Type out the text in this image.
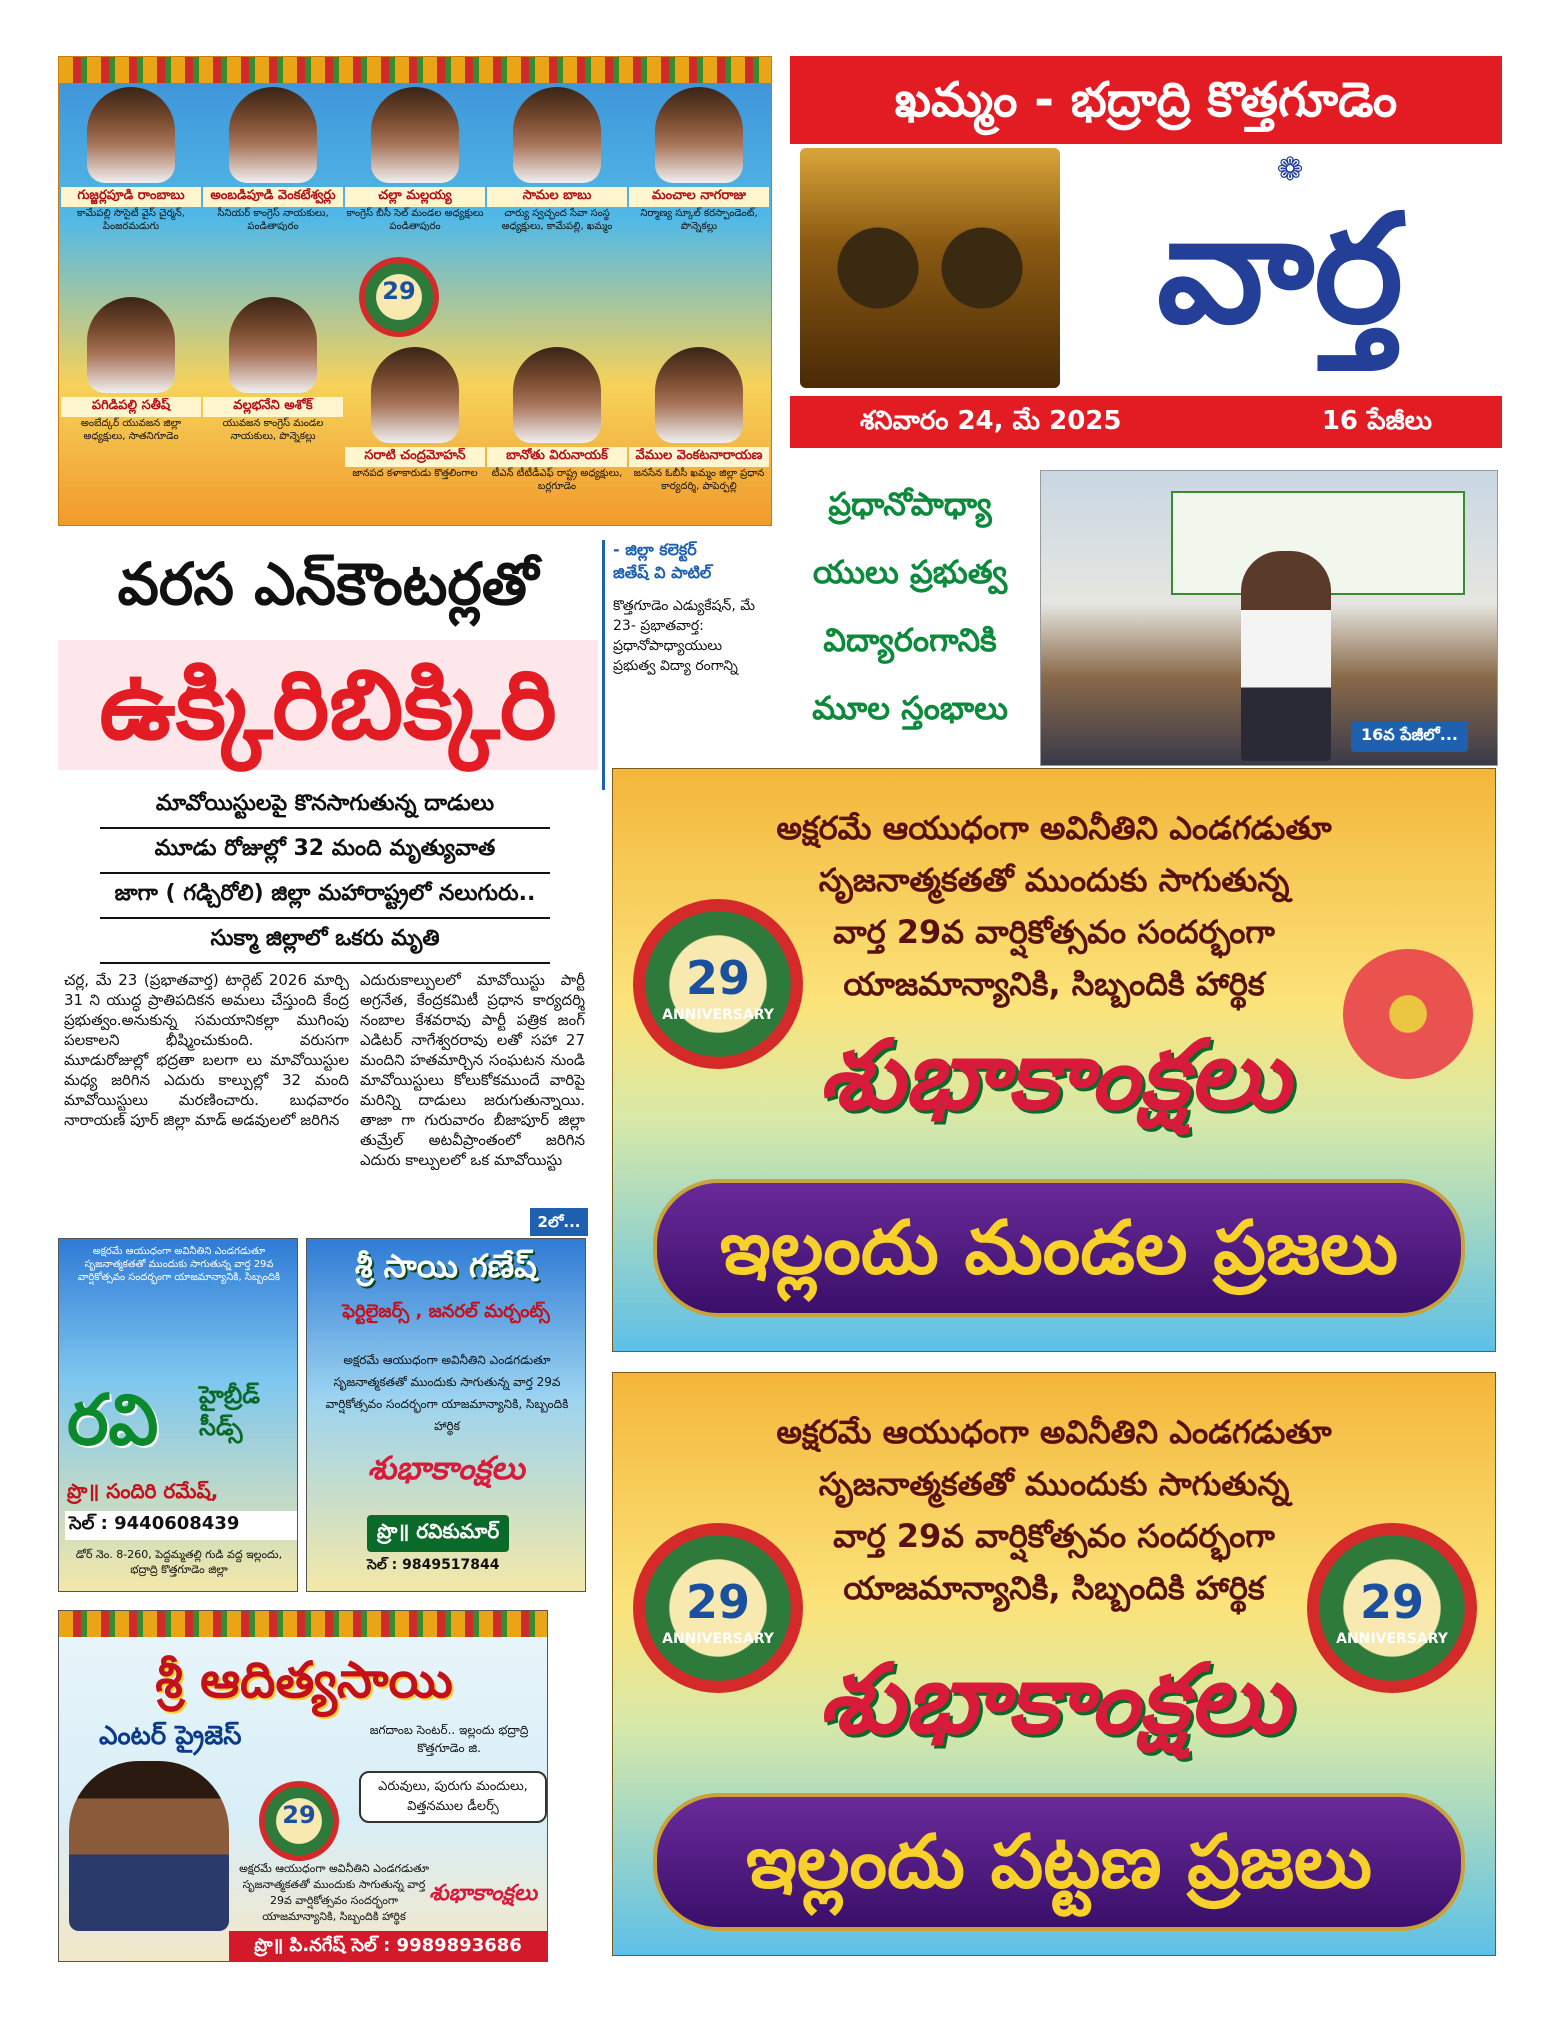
గుజ్జర్లపూడి రాంబాబు
కామేపల్లి సొసైటీ వైస్ చైర్మన్, పింజరమడుగు
అంబడిపూడి వెంకటేశ్వర్లు
సీనియర్ కాంగ్రెస్ నాయకులు, పండితాపురం
చల్లా మల్లయ్య
కాంగ్రెస్ బీసీ సెల్ మండల అధ్యక్షులు పండితాపురం
సామల బాబు
చార్యు స్వచ్ఛంద సేవా సంస్థ అధ్యక్షులు, కామేపల్లి, ఖమ్మం
మంచాల నాగరాజు
నిర్మాణ్య స్కూల్ కరస్పాండెంట్, పొన్నెకల్లు
29
పగిడిపల్లి సతీష్
అంబేద్కర్ యువజన జిల్లా అధ్యక్షులు, సాతనిగూడెం
వల్లభనేని అశోక్
యువజన కాంగ్రెస్ మండల నాయకులు, పొన్నెకల్లు
సరాటి చంద్రమోహన్
జానపద కళాకారుడు కొత్తలింగాల
బానోతు విరునాయక్
టీఎన్ టీటీడీఎఫ్ రాష్ట్ర అధ్యక్షులు, బర్లగూడెం
వేముల వెంకటనారాయణ
జనసేన ఓబీసీ ఖమ్మం జిల్లా ప్రధాన కార్యదర్శి, పాపెర్పల్లి
ఖమ్మం - భద్రాద్రి కొత్తగూడెం
❁
వార్త
శనివారం 24, మే 2025	16 పేజీలు
ప్రధానోపాధ్యా
యులు ప్రభుత్వ
విద్యారంగానికి
మూల స్తంభాలు
16వ పేజీలో...
వరస ఎన్‌కౌంటర్లతో
ఉక్కిరిబిక్కిరి
మావోయిస్టులపై కొనసాగుతున్న దాడులు
మూడు రోజుల్లో 32 మంది మృత్యువాత
జాగా ( గడ్చిరోలి) జిల్లా మహారాష్ట్రలో నలుగురు..
సుక్మా జిల్లాలో ఒకరు మృతి
చర్ల, మే 23 (ప్రభాతవార్త) టార్గెట్ 2026 మార్చి 31 ని యుద్ధ ప్రాతిపదికన అమలు చేస్తుంది కేంద్ర ప్రభుత్వం.అనుకున్న సమయానికల్లా ముగింపు పలకాలని భీష్మించుకుంది. వరుసగా మూడురోజుల్లో భద్రతా బలగా లు మావోయిస్టుల మధ్య జరిగిన ఎదురు కాల్పుల్లో 32 మంది మావోయిస్టులు మరణించారు. బుధవారం నారాయణ్ పూర్ జిల్లా మాడ్ అడవులలో జరిగిన
ఎదురుకాల్పులలో మావోయిస్టు పార్టీ అగ్రనేత, కేంద్రకమిటీ ప్రధాన కార్యదర్శి నంబాల కేశవరావు పార్టీ పత్రిక జంగ్ ఎడిటర్ నాగేశ్వరరావు లతో సహా 27 మందిని హతమార్చిన సంఘటన నుండి మావోయిస్టులు కోలుకోకముందే వారిపై మరిన్ని దాడులు జరుగుతున్నాయి. తాజా గా గురువారం బీజాపూర్ జిల్లా తుమ్రేల్ అటవీప్రాంతంలో జరిగిన ఎదురు కాల్పులలో ఒక మావోయిస్టు
2లో...
- జిల్లా కలెక్టర్
జితేష్ వి పాటిల్
కొత్తగూడెం ఎడ్యుకేషన్, మే 23- ప్రభాతవార్త: ప్రధానోపాధ్యాయులు ప్రభుత్వ విద్యా రంగాన్ని
అక్షరమే ఆయుధంగా అవినీతిని ఎండగడుతూ
సృజనాత్మకతతో ముందుకు సాగుతున్న
వార్త 29వ వార్షికోత్సవం సందర్భంగా
యాజమాన్యానికి, సిబ్బందికి హార్థిక
29
ANNIVERSARY
శుభాకాంక్షలు
ఇల్లందు మండల ప్రజలు
అక్షరమే ఆయుధంగా అవినీతిని ఎండగడుతూ
సృజనాత్మకతతో ముందుకు సాగుతున్న
వార్త 29వ వార్షికోత్సవం సందర్భంగా
యాజమాన్యానికి, సిబ్బందికి హార్థిక
29
ANNIVERSARY
29
ANNIVERSARY
శుభాకాంక్షలు
ఇల్లందు పట్టణ ప్రజలు
అక్షరమే ఆయుధంగా అవినీతిని ఎండగడుతూ సృజనాత్మకతతో ముందుకు సాగుతున్న వార్త 29వ వార్షికోత్సవం సందర్భంగా యాజమాన్యానికి, సిబ్బందికి
రవి హైబ్రీడ్
సీడ్స్
ప్రొ॥ సందిరి రమేష్,
సెల్ : 9440608439
డోర్ నెం. 8-260, పెద్దమ్మతల్లి గుడి వద్ద ఇల్లందు, భద్రాద్రి కొత్తగూడెం జిల్లా
శ్రీ సాయి గణేష్
ఫెర్టిలైజర్స్ , జనరల్ మర్చంట్స్
అక్షరమే ఆయుధంగా అవినీతిని ఎండగడుతూ సృజనాత్మకతతో ముందుకు సాగుతున్న వార్త 29వ వార్షికోత్సవం సందర్భంగా యాజమాన్యానికి, సిబ్బందికి హార్థిక
శుభాకాంక్షలు
ప్రొ॥ రవికుమార్
సెల్ : 9849517844
శ్రీ ఆదిత్యసాయి
ఎంటర్ ప్రైజెస్	జగదాంబ సెంటర్.. ఇల్లందు భద్రాద్రి కొత్తగూడెం జి.
ఎరువులు, పురుగు మందులు, విత్తనముల డీలర్స్
29
అక్షరమే ఆయుధంగా అవినీతిని ఎండగడుతూ సృజనాత్మకతతో ముందుకు సాగుతున్న వార్త 29వ వార్షికోత్సవం సందర్భంగా యాజమాన్యానికి, సిబ్బందికి హార్థిక
శుభాకాంక్షలు
ప్రొ॥ పి.నగేష్ సెల్ : 9989893686
